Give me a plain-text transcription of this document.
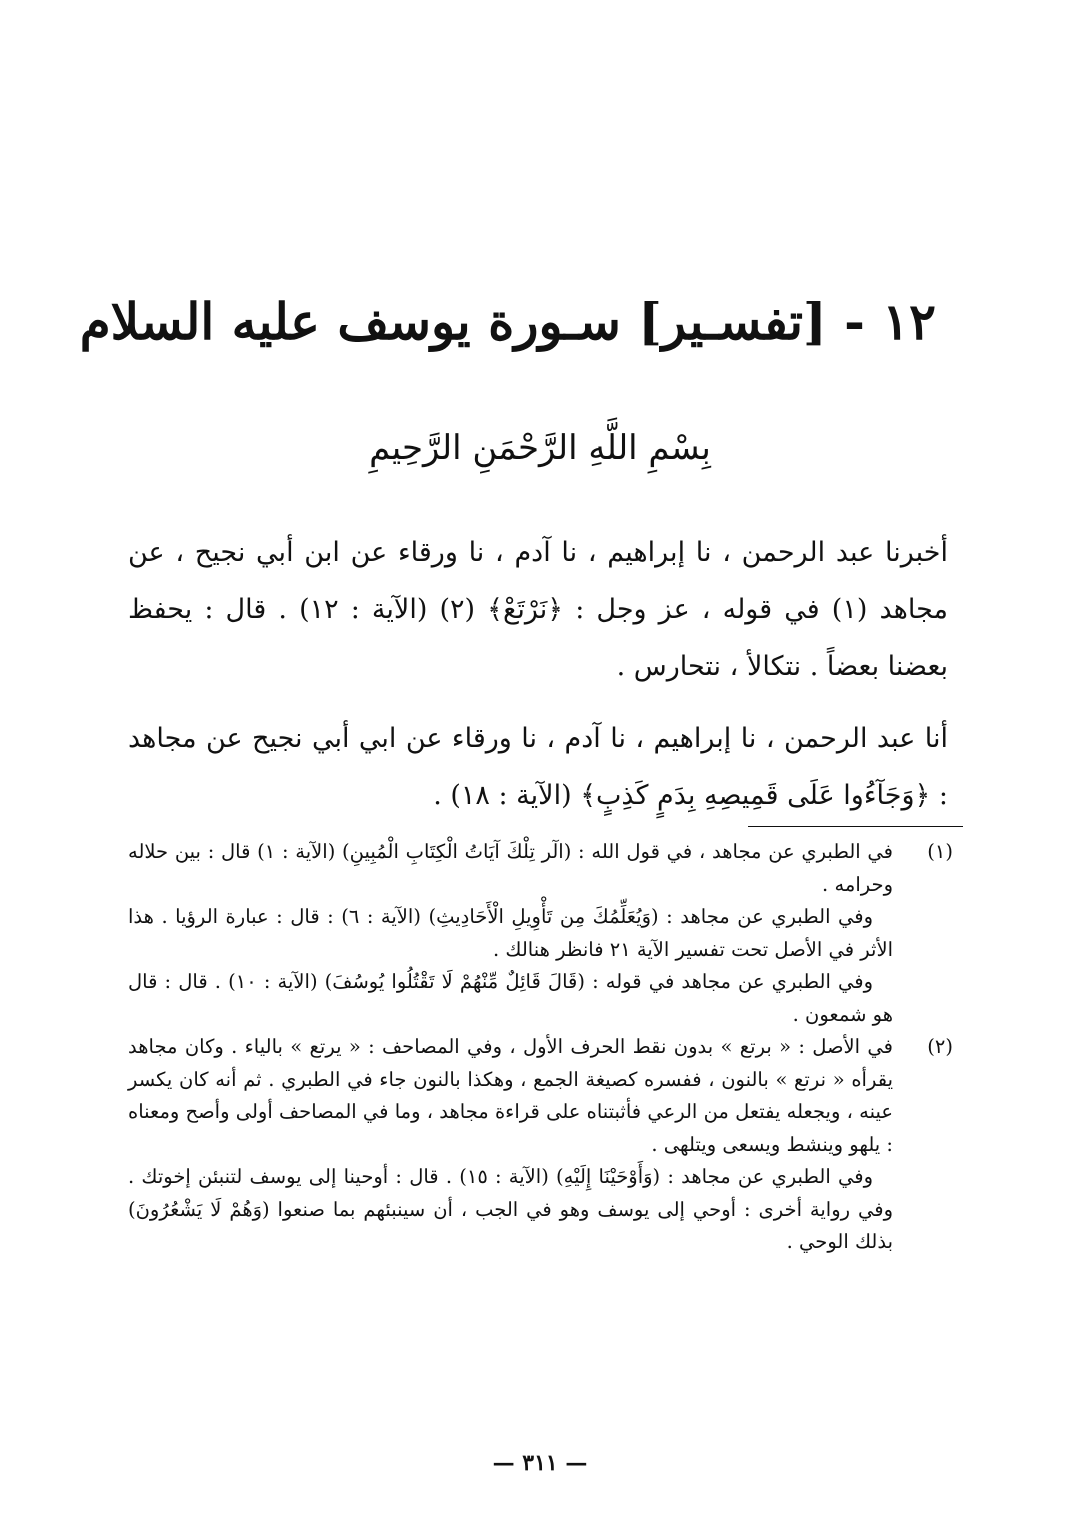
١٢ - [تفسـير] سـورة يوسف عليه السلام
بِسْمِ اللَّهِ الرَّحْمَنِ الرَّحِيمِ

أخبرنا عبد الرحمن ، نا إبراهيم ، نا آدم ، نا ورقاء عن ابن أبي نجيح ، عن مجاهد (١) في قوله ، عز وجل : ﴿نَرْتَعْ﴾ (٢) (الآية : ١٢) . قال : يحفظ بعضنا بعضاً . نتكالأ ، نتحارس .

أنا عبد الرحمن ، نا إبراهيم ، نا آدم ، نا ورقاء عن ابي أبي نجيح عن مجاهد : ﴿وَجَآءُوا عَلَى قَمِيصِهِ بِدَمٍ كَذِبٍ﴾ (الآية : ١٨) .

(١)

في الطبري عن مجاهد ، في قول الله : (الٓر تِلْكَ آيَاتُ الْكِتَابِ الْمُبِينِ) (الآية : ١) قال : بين حلاله وحرامه .

وفي الطبري عن مجاهد : (وَيُعَلِّمُكَ مِن تَأْوِيلِ الْأَحَادِيثِ) (الآية : ٦) : قال : عبارة الرؤيا . هذا الأثر في الأصل تحت تفسير الآية ٢١ فانظر هنالك .

وفي الطبري عن مجاهد في قوله : (قَالَ قَائِلٌ مِّنْهُمْ لَا تَقْتُلُوا يُوسُفَ) (الآية : ١٠) . قال : قال هو شمعون .

(٢)

في الأصل : « برتع » بدون نقط الحرف الأول ، وفي المصاحف : « يرتع » بالياء . وكان مجاهد يقرأه « نرتع » بالنون ، ففسره كصيغة الجمع ، وهكذا بالنون جاء في الطبري . ثم أنه كان يكسر عينه ، ويجعله يفتعل من الرعي فأثبتناه على قراءة مجاهد ، وما في المصاحف أولى وأصح ومعناه : يلهو وينشط ويسعى ويتلهى .

وفي الطبري عن مجاهد : (وَأَوْحَيْنَا إِلَيْهِ) (الآية : ١٥) . قال : أوحينا إلى يوسف لتنبئن إخوتك . وفي رواية أخرى : أوحي إلى يوسف وهو في الجب ، أن سينبئهم بما صنعوا (وَهُمْ لَا يَشْعُرُونَ) بذلك الوحي .

— ٣١١ —
